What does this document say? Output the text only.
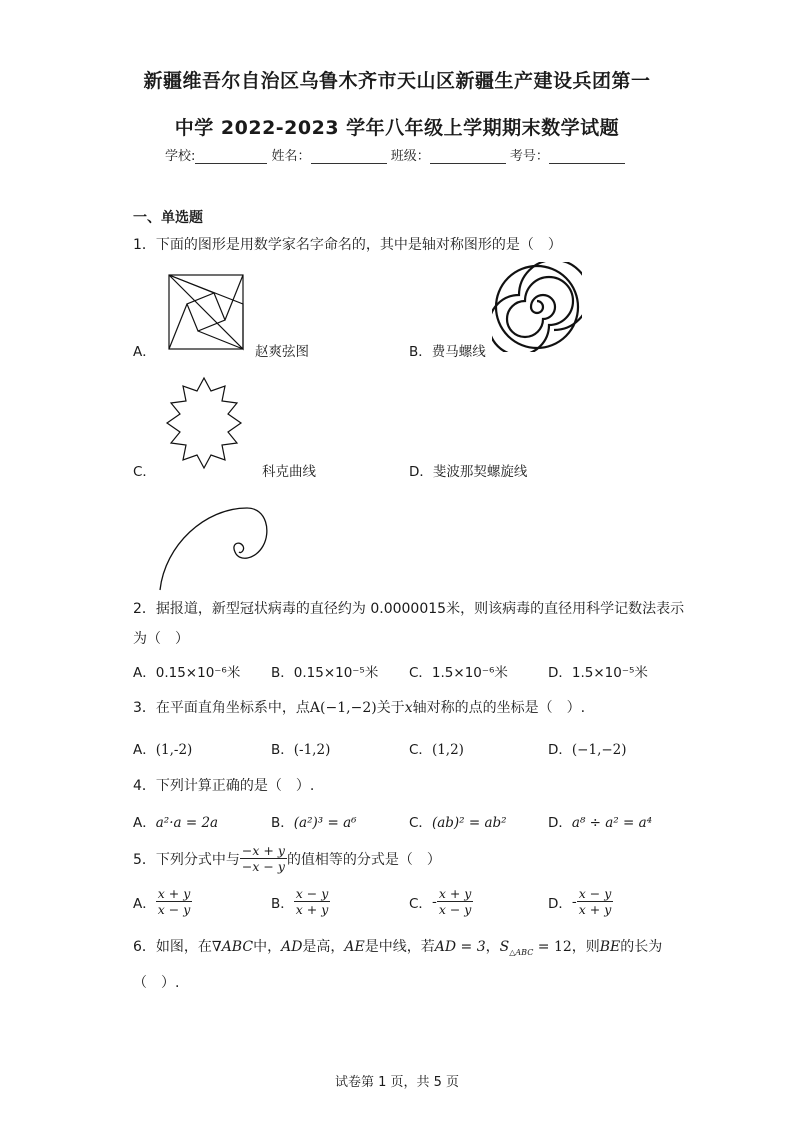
新疆维吾尔自治区乌鲁木齐市天山区新疆生产建设兵团第一
中学 2022-2023 学年八年级上学期期末数学试题
学校:	姓名：	班级：	考号：
一、单选题
1．下面的图形是用数学家名字命名的，其中是轴对称图形的是（　）
A．	赵爽弦图	B．费马螺线
C．	科克曲线	D．斐波那契螺旋线
2．据报道，新型冠状病毒的直径约为 0.0000015米，则该病毒的直径用科学记数法表示
为（　）
A．0.15×10⁻⁶米 B．0.15×10⁻⁵米 C．1.5×10⁻⁶米	D．1.5×10⁻⁵米
3．在平面直角坐标系中，点A(−1,−2)关于x轴对称的点的坐标是（　）.
A．(1,-2)	B．(-1,2)	C．(1,2)	D．(−1,−2)
4．下列计算正确的是（　）.
A．a²·a = 2a	B．(a²)³ = a⁶	C．(ab)² = ab²	D．a⁸ ÷ a² = a⁴
5．下列分式中与 $\frac{-x + y}{-x - y}$ 的值相等的分式是（　）
A． $\frac{x + y}{x - y}$	B． $\frac{x - y}{x + y}$	C． - $\frac{x + y}{x - y}$	D． - $\frac{x - y}{x + y}$
6．如图，在∇ABC中，AD是高，AE是中线，若AD = 3，$S_{\triangle ABC} = 12$，则BE的长为
（　）.
试卷第 1 页，共 5 页
